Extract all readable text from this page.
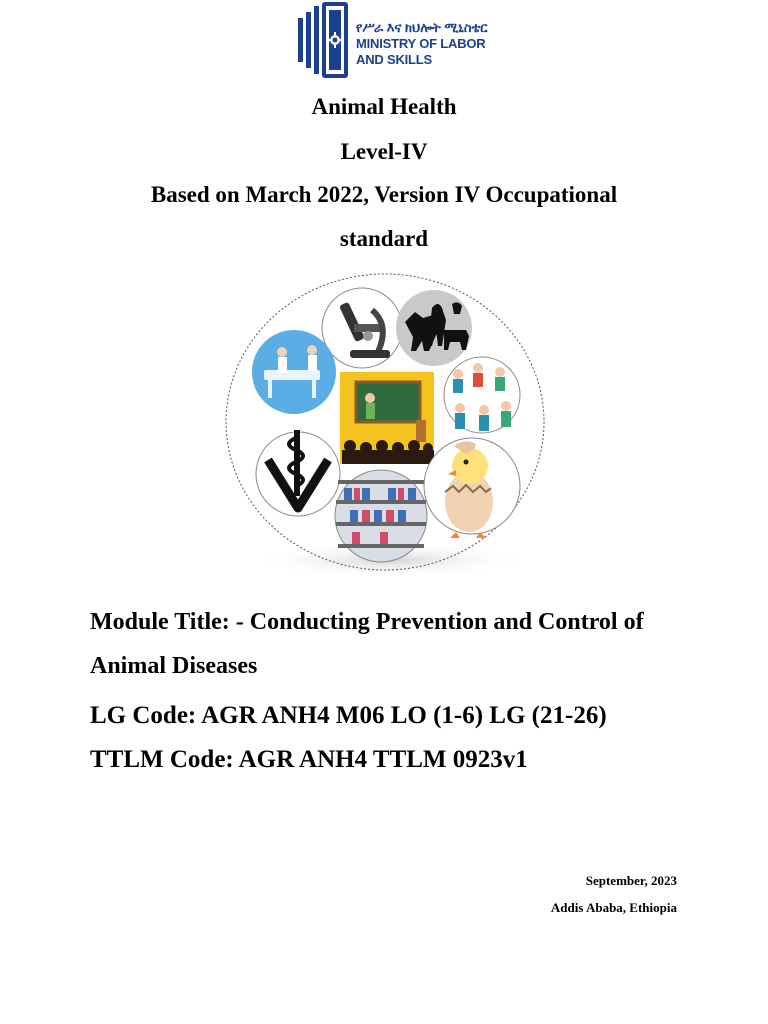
የሥራ እና ክህሎት ሚኒስቴር
MINISTRY OF LABOR
AND SKILLS
Animal Health
Level-IV
Based on March 2022, Version IV Occupational
standard
Module Title: - Conducting Prevention and Control of Animal Diseases
LG Code: AGR ANH4 M06 LO (1-6) LG (21-26)
TTLM Code: AGR ANH4 TTLM 0923v1
September, 2023
Addis Ababa, Ethiopia
